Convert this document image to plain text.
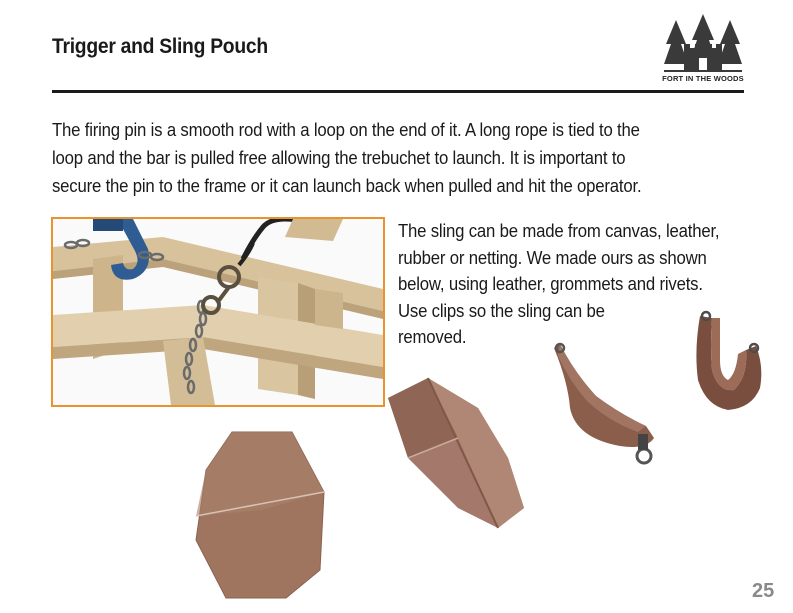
Trigger and Sling Pouch
FORT IN THE WOODS
The firing pin is a smooth rod with a loop on the end of it. A long rope is tied to the
loop and the bar is pulled free allowing the trebuchet to launch. It is important to
secure the pin to the frame or it can launch back when pulled and hit the operator.
The sling can be made from canvas, leather,
rubber or netting. We made ours as shown
below, using leather, grommets and rivets.
Use clips so the sling can be
removed.
25
